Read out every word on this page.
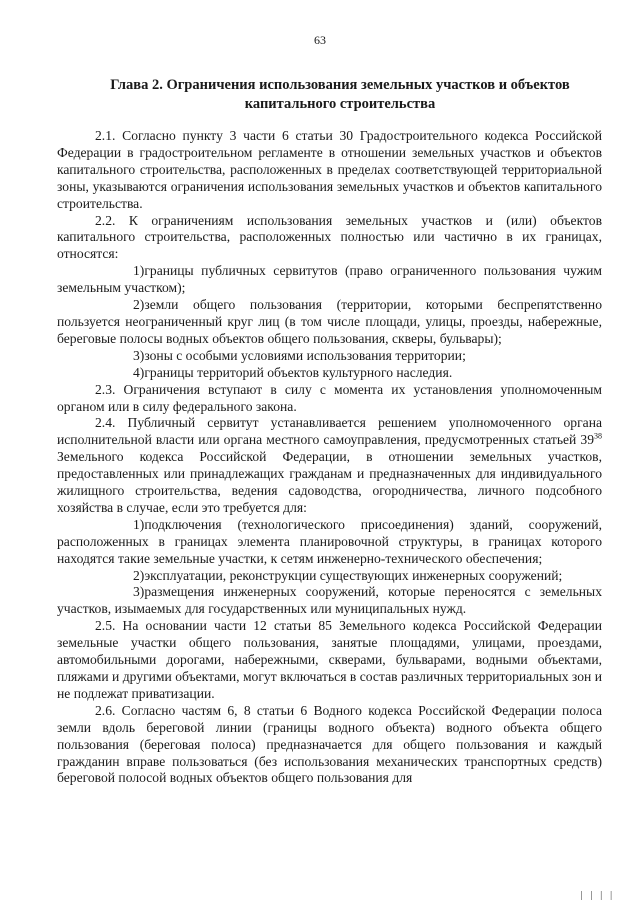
63
Глава 2. Ограничения использования земельных участков и объектов
капитального строительства

2.1. Согласно пункту 3 части 6 статьи 30 Градостроительного кодекса Российской Федерации в градостроительном регламенте в отношении земельных участков и объектов капитального строительства, расположенных в пределах соответствующей территориальной зоны, указываются ограничения использования земельных участков и объектов капитального строительства.

2.2. К ограничениям использования земельных участков и (или) объектов капитального строительства, расположенных полностью или частично в их границах, относятся:

1)границы публичных сервитутов (право ограниченного пользования чужим земельным участком);

2)земли общего пользования (территории, которыми беспрепятственно пользуется неограниченный круг лиц (в том числе площади, улицы, проезды, набережные, береговые полосы водных объектов общего пользования, скверы, бульвары);

3)зоны с особыми условиями использования территории;

4)границы территорий объектов культурного наследия.

2.3. Ограничения вступают в силу с момента их установления уполномоченным органом или в силу федерального закона.

2.4. Публичный сервитут устанавливается решением уполномоченного органа исполнительной власти или органа местного самоуправления, предусмотренных статьей $39^{38}$ Земельного кодекса Российской Федерации, в отношении земельных участков, предоставленных или принадлежащих гражданам и предназначенных для индивидуального жилищного строительства, ведения садоводства, огородничества, личного подсобного хозяйства в случае, если это требуется для:

1)подключения (технологического присоединения) зданий, сооружений, расположенных в границах элемента планировочной структуры, в границах которого находятся такие земельные участки, к сетям инженерно-технического обеспечения;

2)эксплуатации, реконструкции существующих инженерных сооружений;

3)размещения инженерных сооружений, которые переносятся с земельных участков, изымаемых для государственных или муниципальных нужд.

2.5. На основании части 12 статьи 85 Земельного кодекса Российской Федерации земельные участки общего пользования, занятые площадями, улицами, проездами, автомобильными дорогами, набережными, скверами, бульварами, водными объектами, пляжами и другими объектами, могут включаться в состав различных территориальных зон и не подлежат приватизации.

2.6. Согласно частям 6, 8 статьи 6 Водного кодекса Российской Федерации полоса земли вдоль береговой линии (границы водного объекта) водного объекта общего пользования (береговая полоса) предназначается для общего пользования и каждый гражданин вправе пользоваться (без использования механических транспортных средств) береговой полосой водных объектов общего пользования для

| | | |
